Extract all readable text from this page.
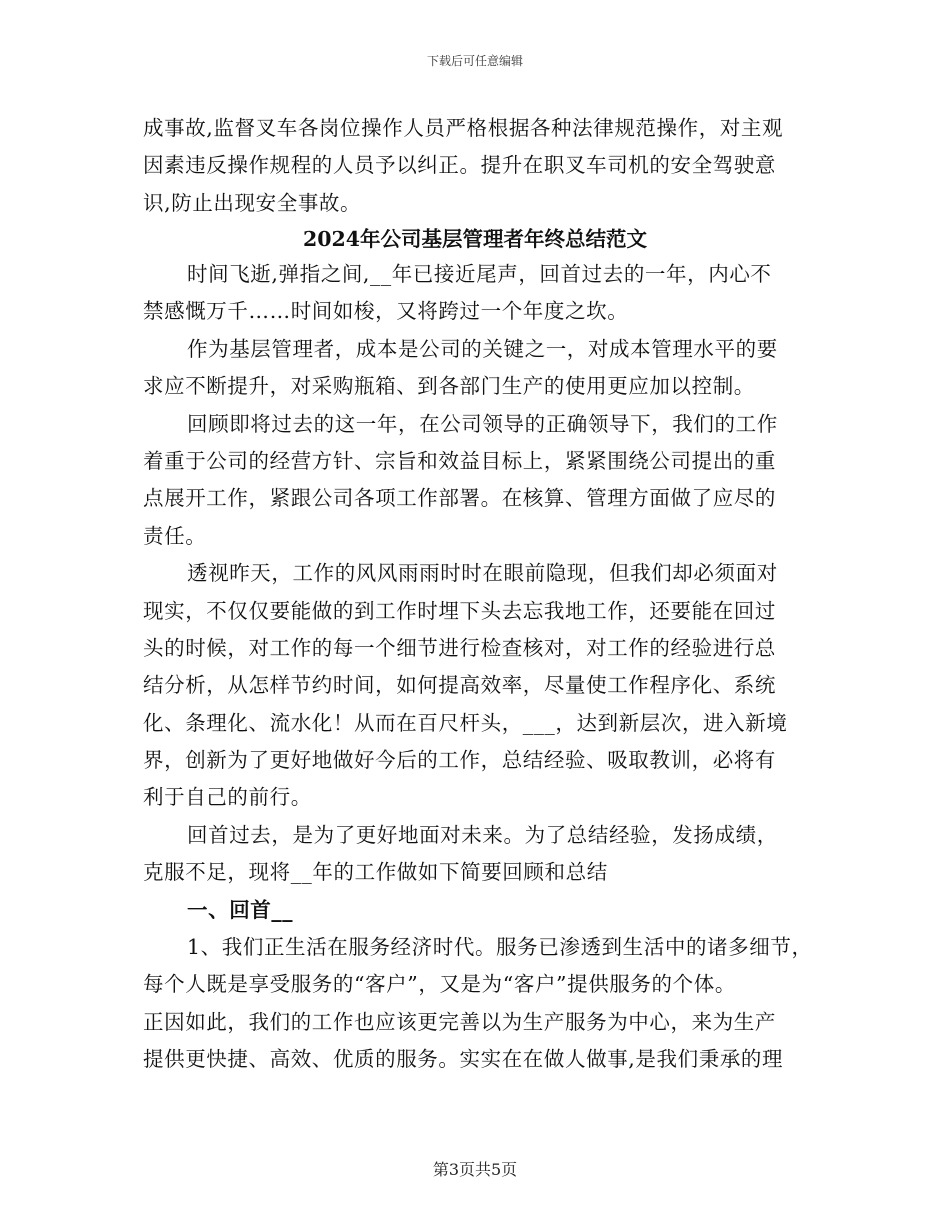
下载后可任意编辑
成事故,监督叉车各岗位操作人员严格根据各种法律规范操作，对主观
因素违反操作规程的人员予以纠正。提升在职叉车司机的安全驾驶意
识,防止出现安全事故。
2024年公司基层管理者年终总结范文
时间飞逝,弹指之间,__年已接近尾声，回首过去的一年，内心不
禁感慨万千……时间如梭，又将跨过一个年度之坎。
作为基层管理者，成本是公司的关键之一，对成本管理水平的要
求应不断提升，对采购瓶箱、到各部门生产的使用更应加以控制。
回顾即将过去的这一年，在公司领导的正确领导下，我们的工作
着重于公司的经营方针、宗旨和效益目标上，紧紧围绕公司提出的重
点展开工作，紧跟公司各项工作部署。在核算、管理方面做了应尽的
责任。
透视昨天，工作的风风雨雨时时在眼前隐现，但我们却必须面对
现实，不仅仅要能做的到工作时埋下头去忘我地工作，还要能在回过
头的时候，对工作的每一个细节进行检查核对，对工作的经验进行总
结分析，从怎样节约时间，如何提高效率，尽量使工作程序化、系统
化、条理化、流水化！从而在百尺杆头，___，达到新层次，进入新境
界，创新为了更好地做好今后的工作，总结经验、吸取教训，必将有
利于自己的前行。
回首过去，是为了更好地面对未来。为了总结经验，发扬成绩，
克服不足，现将__年的工作做如下简要回顾和总结
一、回首__
1、我们正生活在服务经济时代。服务已渗透到生活中的诸多细节，
每个人既是享受服务的“客户”，又是为“客户”提供服务的个体。
正因如此，我们的工作也应该更完善以为生产服务为中心，来为生产
提供更快捷、高效、优质的服务。实实在在做人做事,是我们秉承的理
第3页共5页
